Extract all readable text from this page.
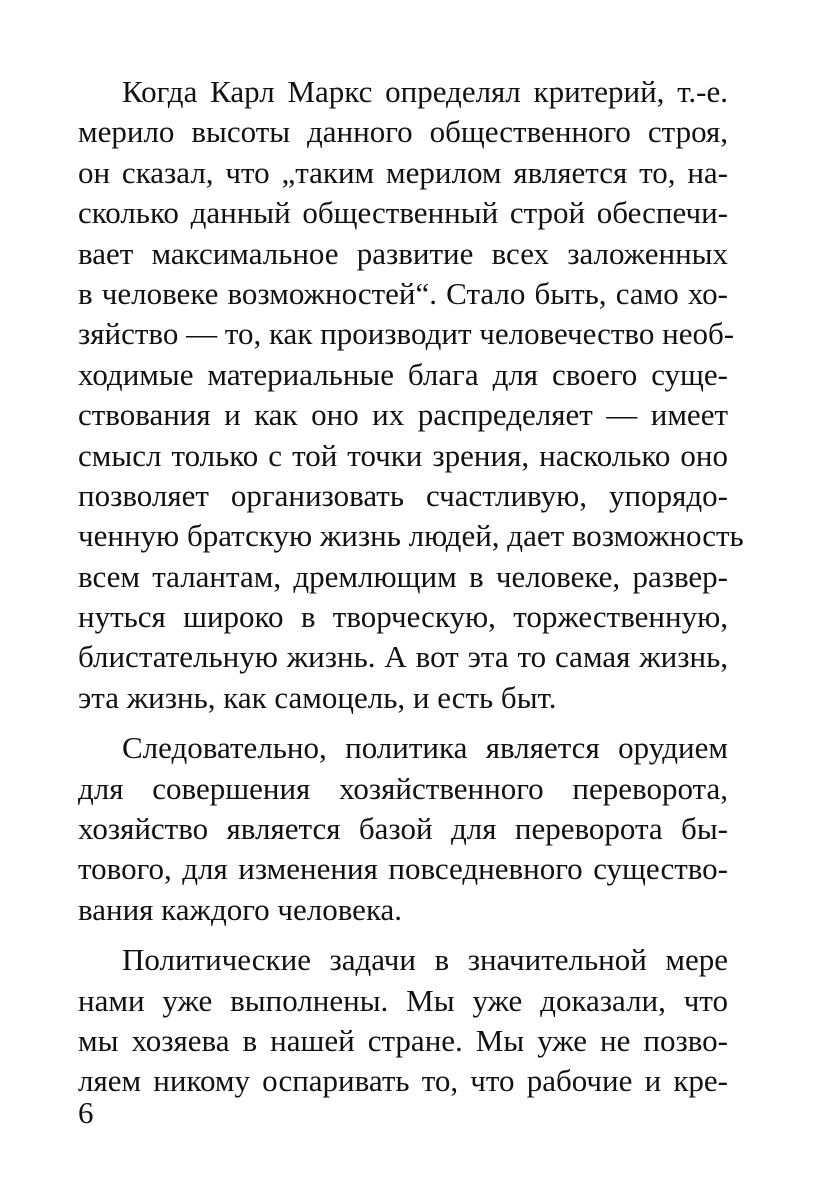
Когда Карл Маркс определял критерий, т.-е.
мерило высоты данного общественного строя,
он сказал, что „таким мерилом является то, на-
сколько данный общественный строй обеспечи-
вает максимальное развитие всех заложенных
в человеке возможностей“. Стало быть, само хо-
зяйство — то, как производит человечество необ-
ходимые материальные блага для своего суще-
ствования и как оно их распределяет — имеет
смысл только с той точки зрения, насколько оно
позволяет организовать счастливую, упорядо-
ченную братскую жизнь людей, дает возможность
всем талантам, дремлющим в человеке, развер-
нуться широко в творческую, торжественную,
блистательную жизнь. А вот эта то самая жизнь,
эта жизнь, как самоцель, и есть быт.
Следовательно, политика является орудием
для совершения хозяйственного переворота,
хозяйство является базой для переворота бы-
тового, для изменения повседневного существо-
вания каждого человека.
Политические задачи в значительной мере
нами уже выполнены. Мы уже доказали, что
мы хозяева в нашей стране. Мы уже не позво-
ляем никому оспаривать то, что рабочие и кре-
6
